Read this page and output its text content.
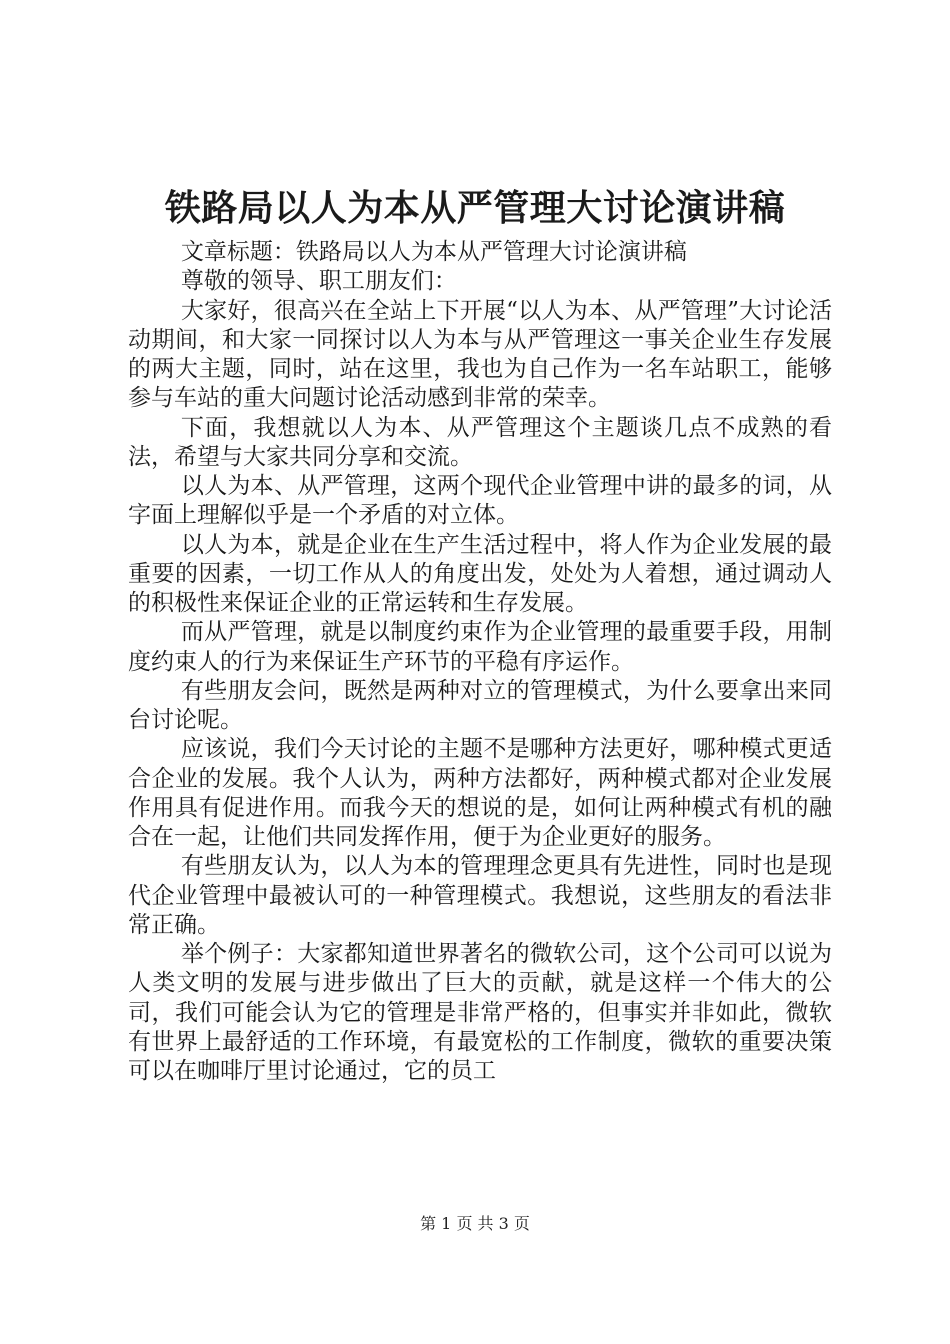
铁路局以人为本从严管理大讨论演讲稿

文章标题：铁路局以人为本从严管理大讨论演讲稿

尊敬的领导、职工朋友们：

大家好，很高兴在全站上下开展“以人为本、从严管理”大讨论活动期间，和大家一同探讨以人为本与从严管理这一事关企业生存发展的两大主题，同时，站在这里，我也为自己作为一名车站职工，能够参与车站的重大问题讨论活动感到非常的荣幸。

下面，我想就以人为本、从严管理这个主题谈几点不成熟的看法，希望与大家共同分享和交流。

以人为本、从严管理，这两个现代企业管理中讲的最多的词，从字面上理解似乎是一个矛盾的对立体。

以人为本，就是企业在生产生活过程中，将人作为企业发展的最重要的因素，一切工作从人的角度出发，处处为人着想，通过调动人的积极性来保证企业的正常运转和生存发展。

而从严管理，就是以制度约束作为企业管理的最重要手段，用制度约束人的行为来保证生产环节的平稳有序运作。

有些朋友会问，既然是两种对立的管理模式，为什么要拿出来同台讨论呢。

应该说，我们今天讨论的主题不是哪种方法更好，哪种模式更适合企业的发展。我个人认为，两种方法都好，两种模式都对企业发展作用具有促进作用。而我今天的想说的是，如何让两种模式有机的融合在一起，让他们共同发挥作用，便于为企业更好的服务。

有些朋友认为，以人为本的管理理念更具有先进性，同时也是现代企业管理中最被认可的一种管理模式。我想说，这些朋友的看法非常正确。

举个例子：大家都知道世界著名的微软公司，这个公司可以说为人类文明的发展与进步做出了巨大的贡献，就是这样一个伟大的公司，我们可能会认为它的管理是非常严格的，但事实并非如此，微软有世界上最舒适的工作环境，有最宽松的工作制度，微软的重要决策可以在咖啡厅里讨论通过，它的员工

第 1 页 共 3 页
